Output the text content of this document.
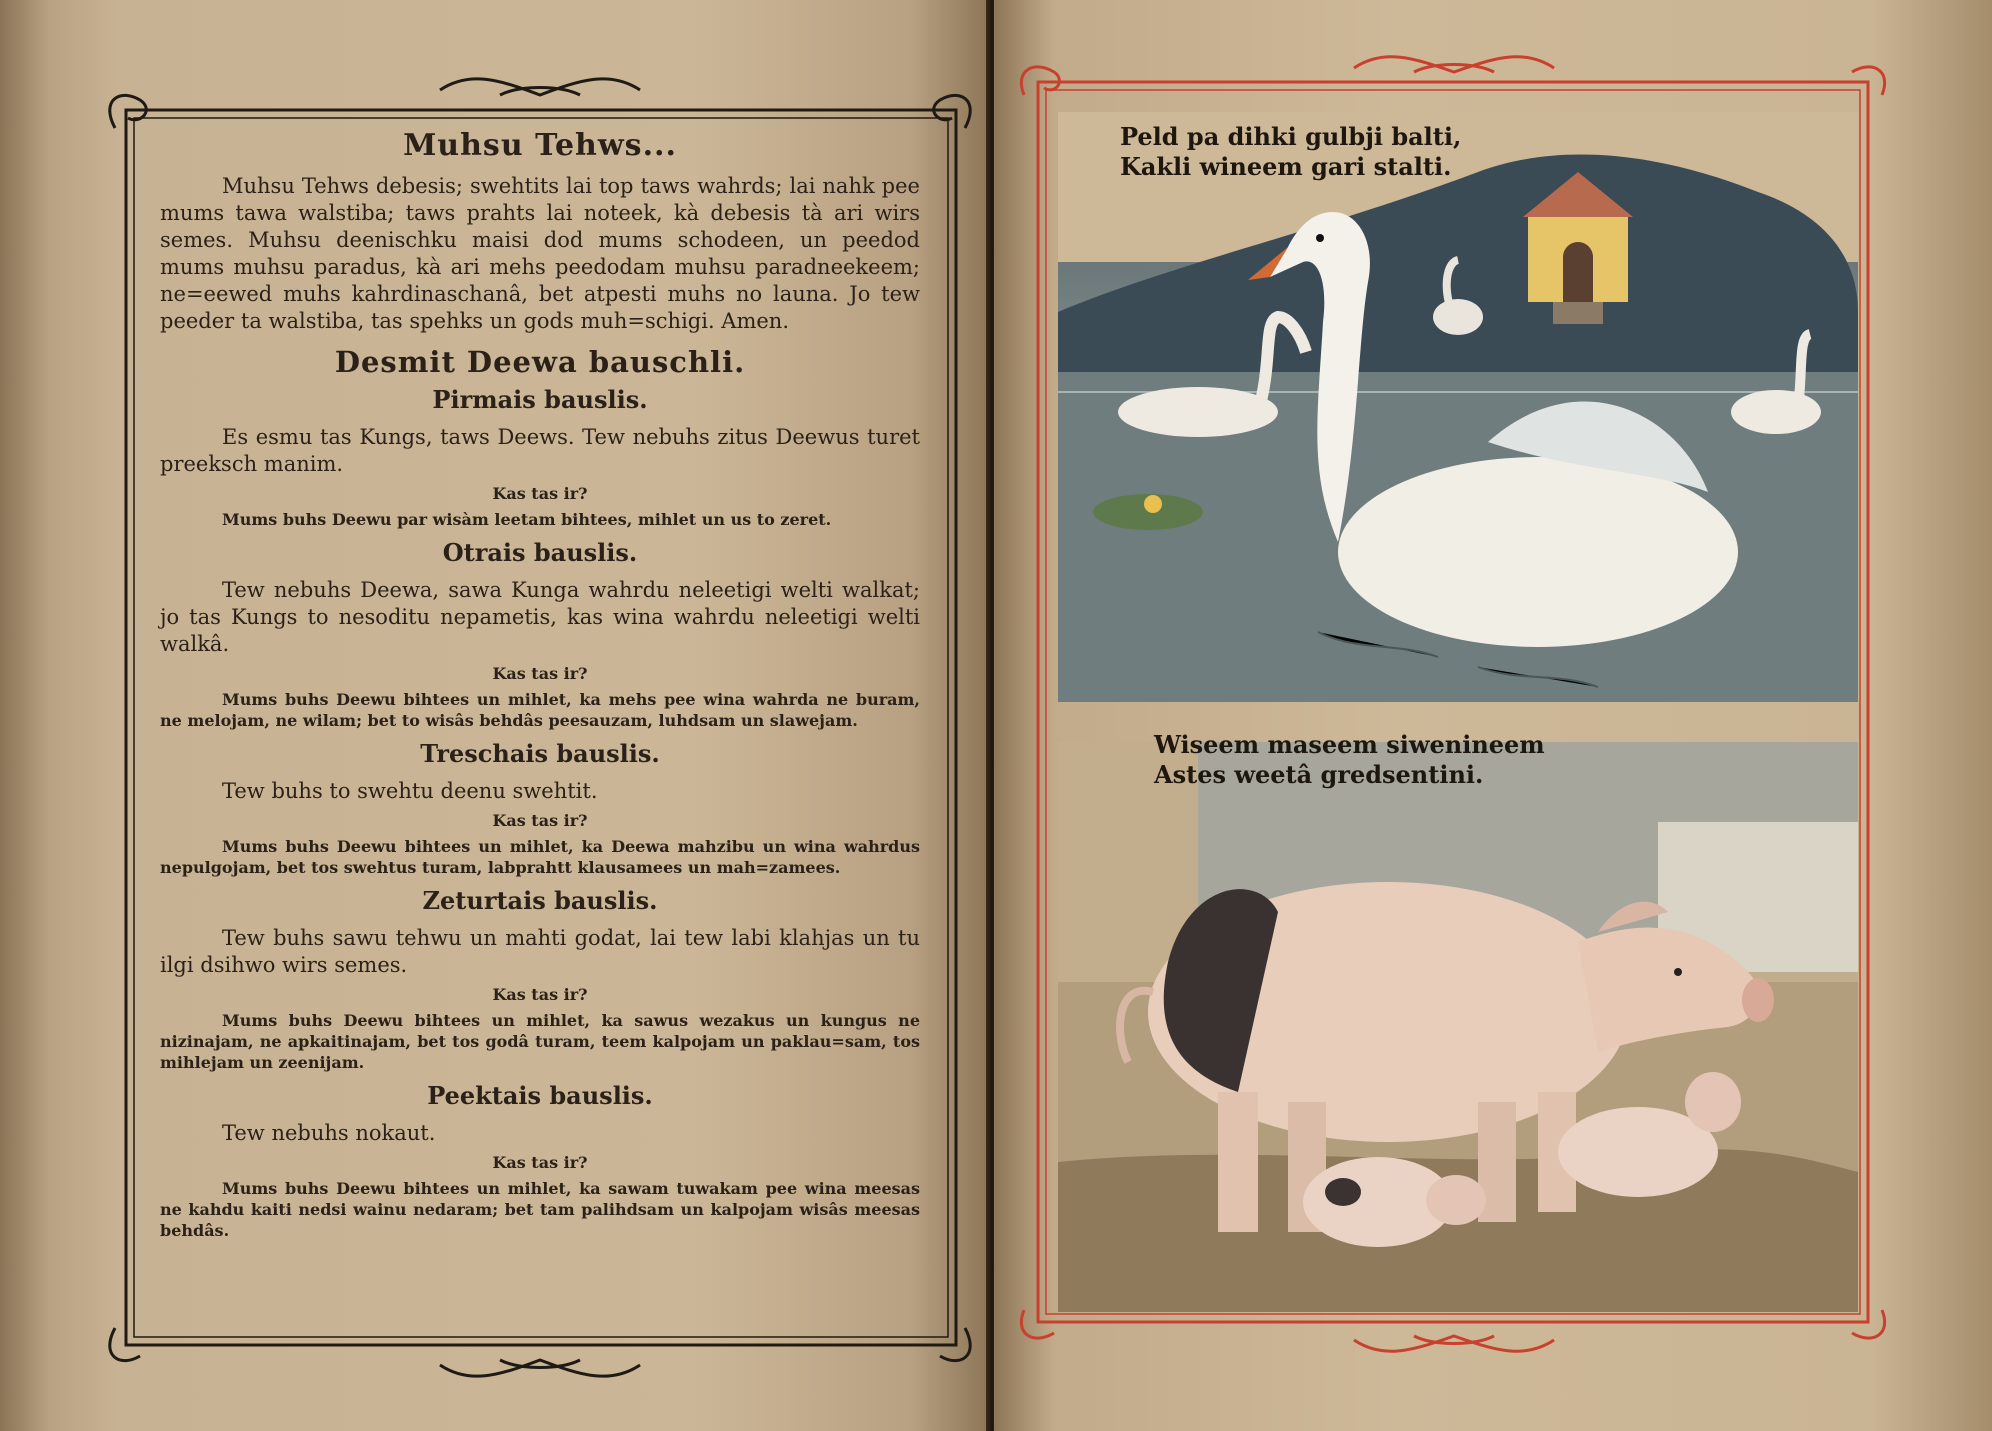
Muhsu Tehws...

Muhsu Tehws debesis; swehtits lai top taws wahrds; lai nahk pee mums tawa walstiba; taws prahts lai noteek, kà debesis tà ari wirs semes. Muhsu deenischku maisi dod mums schodeen, un peedod mums muhsu paradus, kà ari mehs peedodam muhsu paradneekeem; ne=eewed muhs kahrdinaschanâ, bet atpesti muhs no launa. Jo tew peeder ta walstiba, tas spehks un gods muh=schigi. Amen.

Desmit Deewa bauschli.
Pirmais bauslis.

Es esmu tas Kungs, taws Deews. Tew nebuhs zitus Deewus turet preeksch manim.

Kas tas ir?

Mums buhs Deewu par wisàm leetam bihtees, mihlet un us to zeret.

Otrais bauslis.

Tew nebuhs Deewa, sawa Kunga wahrdu neleetigi welti walkat; jo tas Kungs to nesoditu nepametis, kas wina wahrdu neleetigi welti walkâ.

Kas tas ir?

Mums buhs Deewu bihtees un mihlet, ka mehs pee wina wahrda ne buram, ne melojam, ne wilam; bet to wisâs behdâs peesauzam, luhdsam un slawejam.

Treschais bauslis.

Tew buhs to swehtu deenu swehtit.

Kas tas ir?

Mums buhs Deewu bihtees un mihlet, ka Deewa mahzibu un wina wahrdus nepulgojam, bet tos swehtus turam, labprahtt klausamees un mah=zamees.

Zeturtais bauslis.

Tew buhs sawu tehwu un mahti godat, lai tew labi klahjas un tu ilgi dsihwo wirs semes.

Kas tas ir?

Mums buhs Deewu bihtees un mihlet, ka sawus wezakus un kungus ne nizinajam, ne apkaitinajam, bet tos godâ turam, teem kalpojam un paklau=sam, tos mihlejam un zeenijam.

Peektais bauslis.

Tew nebuhs nokaut.

Kas tas ir?

Mums buhs Deewu bihtees un mihlet, ka sawam tuwakam pee wina meesas ne kahdu kaiti nedsi wainu nedaram; bet tam palihdsam un kalpojam wisâs meesas behdâs.

Peld pa dihki gulbji balti,
Kakli wineem gari stalti.
Wiseem maseem siwenineem
Astes weetâ gredsentini.
